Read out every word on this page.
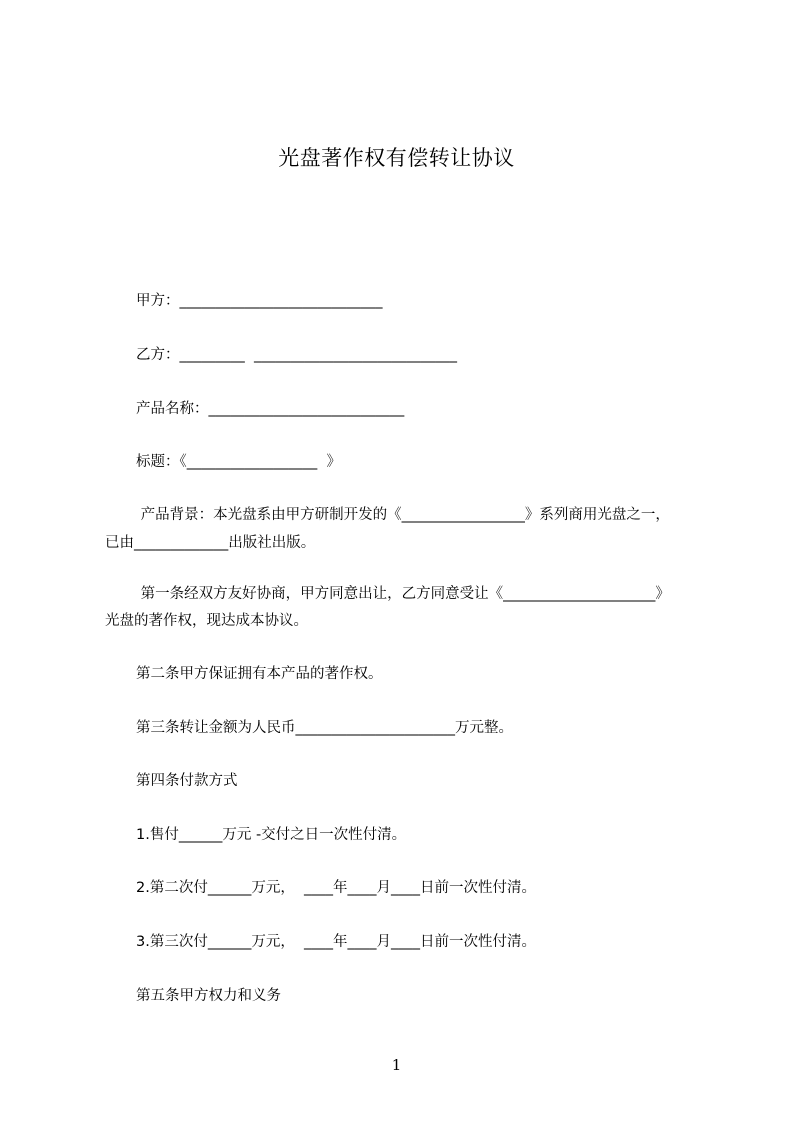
光盘著作权有偿转让协议
甲方：____________________________
乙方：_________  ____________________________
产品名称：___________________________
标题：《__________________  》
产品背景：本光盘系由甲方研制开发的《_________________》系列商用光盘之一，
已由_____________出版社出版。
第一条经双方友好协商，甲方同意出让，乙方同意受让《_____________________》
光盘的著作权，现达成本协议。
第二条甲方保证拥有本产品的著作权。
第三条转让金额为人民币______________________万元整。
第四条付款方式
1.售付______万元 -交付之日一次性付清。
2.第二次付______万元，  ____年____月____日前一次性付清。
3.第三次付______万元，  ____年____月____日前一次性付清。
第五条甲方权力和义务
1
